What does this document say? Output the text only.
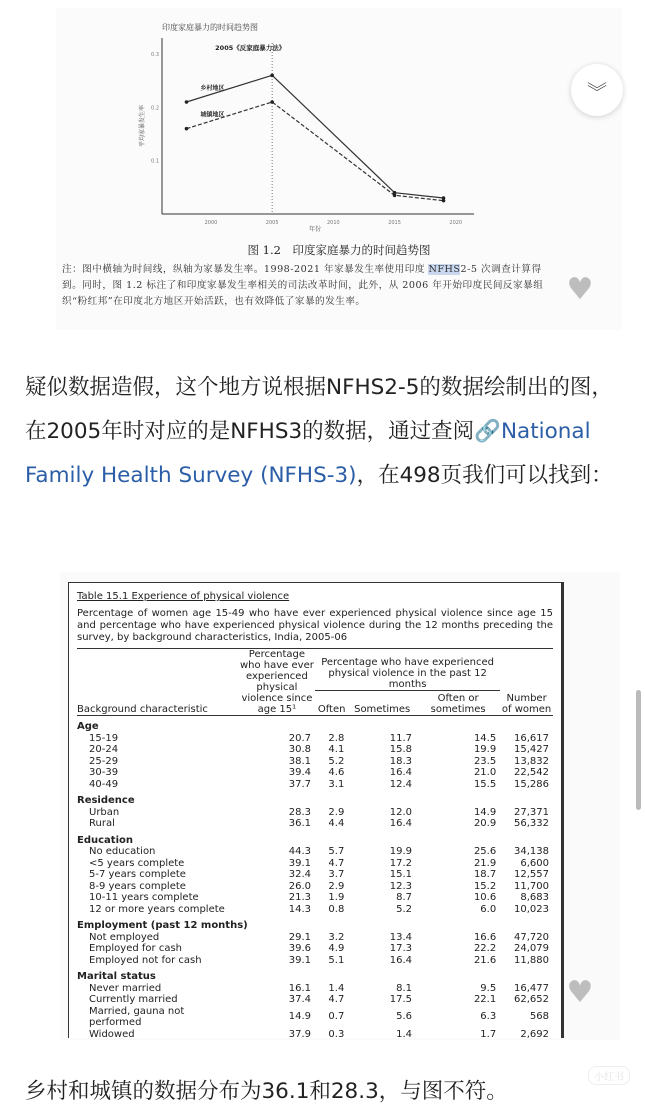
印度家庭暴力的时间趋势图
2000	2005	2010	2015	2020
0.1
0.2
0.3
年份
平均家暴发生率
2005《反家庭暴力法》
乡村地区
城镇地区
图 1.2　印度家庭暴力的时间趋势图
注：图中横轴为时间线，纵轴为家暴发生率。1998-2021 年家暴发生率使用印度 NFHS2-5 次调查计算得到。同时，图 1.2 标注了和印度家暴发生率相关的司法改革时间，此外，从 2006 年开始印度民间反家暴组织“粉红邦”在印度北方地区开始活跃，也有效降低了家暴的发生率。
︾
♥
疑似数据造假，这个地方说根据NFHS2-5的数据绘制出的图，在2005年时对应的是NFHS3的数据，通过查阅🔗National Family Health Survey (NFHS-3)，在498页我们可以找到：
Table 15.1 Experience of physical violence
Percentage of women age 15-49 who have ever experienced physical violence since age 15 and percentage who have experienced physical violence during the 12 months preceding the survey, by background characteristics, India, 2005-06
Background characteristic	Percentage who have ever experienced physical violence since age 15¹	Percentage who have experienced physical violence in the past 12 months			Number of women
		Often	Sometimes	Often or sometimes	
Age					
15-19	20.7	2.8	11.7	14.5	16,617
20-24	30.8	4.1	15.8	19.9	15,427
25-29	38.1	5.2	18.3	23.5	13,832
30-39	39.4	4.6	16.4	21.0	22,542
40-49	37.7	3.1	12.4	15.5	15,286
Residence					
Urban	28.3	2.9	12.0	14.9	27,371
Rural	36.1	4.4	16.4	20.9	56,332
Education					
No education	44.3	5.7	19.9	25.6	34,138
<5 years complete	39.1	4.7	17.2	21.9	6,600
5-7 years complete	32.4	3.7	15.1	18.7	12,557
8-9 years complete	26.0	2.9	12.3	15.2	11,700
10-11 years complete	21.3	1.9	8.7	10.6	8,683
12 or more years complete	14.3	0.8	5.2	6.0	10,023
Employment (past 12 months)					
Not employed	29.1	3.2	13.4	16.6	47,720
Employed for cash	39.6	4.9	17.3	22.2	24,079
Employed not for cash	39.1	5.1	16.4	21.6	11,880
Marital status					
Never married	16.1	1.4	8.1	9.5	16,477
Currently married	37.4	4.7	17.5	22.1	62,652
Married, gauna not performed	14.9	0.7	5.6	6.3	568
Widowed	37.9	0.3	1.4	1.7	2,692
♥
乡村和城镇的数据分布为36.1和28.3，与图不符。
小红书
